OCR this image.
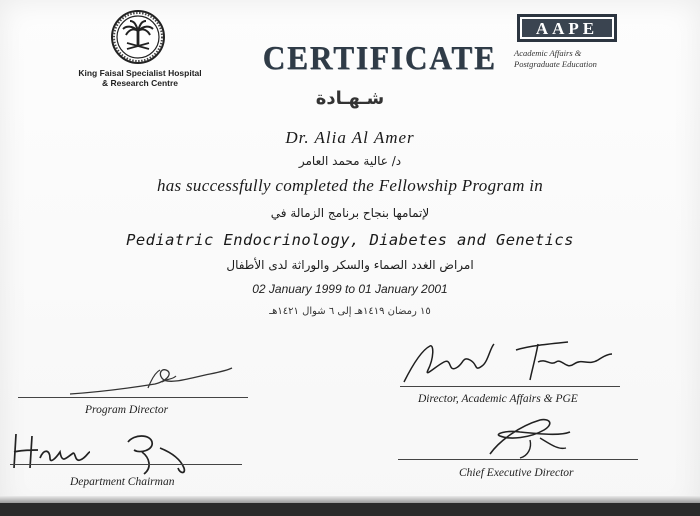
King Faisal Specialist Hospital
& Research Centre
AAPE
Academic Affairs &
Postgraduate Education
CERTIFICATE
شـهـادة
Dr. Alia Al Amer
د/ عالية محمد العامر
has successfully completed the Fellowship Program in
لإتمامها بنجاح برنامج الزمالة في
Pediatric Endocrinology, Diabetes and Genetics
امراض الغدد الصماء والسكر والوراثة لدى الأطفال
02 January 1999 to 01 January 2001
١٥ رمضان ١٤١٩هـ إلى ٦ شوال ١٤٢١هـ
Program Director
Director, Academic Affairs & PGE
Department Chairman
Chief Executive Director
